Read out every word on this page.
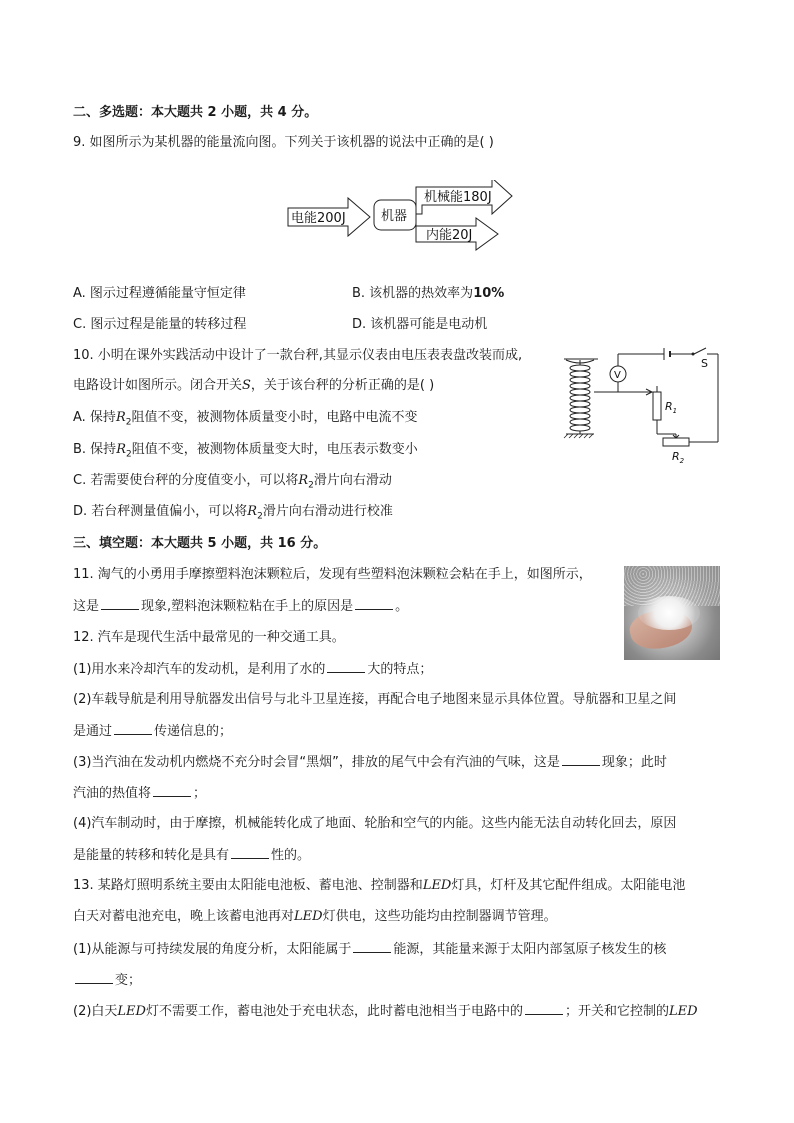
二、多选题：本大题共 2 小题，共 4 分。
9. 如图所示为某机器的能量流向图。下列关于该机器的说法中正确的是( )
电能200J	机器
机械能180J
内能20J
A. 图示过程遵循能量守恒定律	B. 该机器的热效率为10%
C. 图示过程是能量的转移过程	D. 该机器可能是电动机
10. 小明在课外实践活动中设计了一款台秤,其显示仪表由电压表表盘改装而成,
电路设计如图所示。闭合开关S，关于该台秤的分析正确的是( )
A. 保持$R_2$阻值不变，被测物体质量变小时，电路中电流不变
B. 保持$R_2$阻值不变，被测物体质量变大时，电压表示数变小
C. 若需要使台秤的分度值变小，可以将$R_2$滑片向右滑动
D. 若台秤测量值偏小，可以将$R_2$滑片向右滑动进行校准
V
S
$R_1$
$R_2$
三、填空题：本大题共 5 小题，共 16 分。
11. 淘气的小勇用手摩擦塑料泡沫颗粒后，发现有些塑料泡沫颗粒会粘在手上，如图所示，
这是	现象,塑料泡沫颗粒粘在手上的原因是	。
12. 汽车是现代生活中最常见的一种交通工具。
(1)用水来冷却汽车的发动机，是利用了水的	大的特点；
(2)车载导航是利用导航器发出信号与北斗卫星连接，再配合电子地图来显示具体位置。导航器和卫星之间
是通过	传递信息的；
(3)当汽油在发动机内燃烧不充分时会冒“黑烟”，排放的尾气中会有汽油的气味，这是	现象；此时
汽油的热值将	；
(4)汽车制动时，由于摩擦，机械能转化成了地面、轮胎和空气的内能。这些内能无法自动转化回去，原因
是能量的转移和转化是具有	性的。
13. 某路灯照明系统主要由太阳能电池板、蓄电池、控制器和LED灯具，灯杆及其它配件组成。太阳能电池
白天对蓄电池充电，晚上该蓄电池再对LED灯供电，这些功能均由控制器调节管理。
(1)从能源与可持续发展的角度分析，太阳能属于	能源，其能量来源于太阳内部氢原子核发生的核
变；
(2)白天LED灯不需要工作，蓄电池处于充电状态，此时蓄电池相当于电路中的	；开关和它控制的LED
